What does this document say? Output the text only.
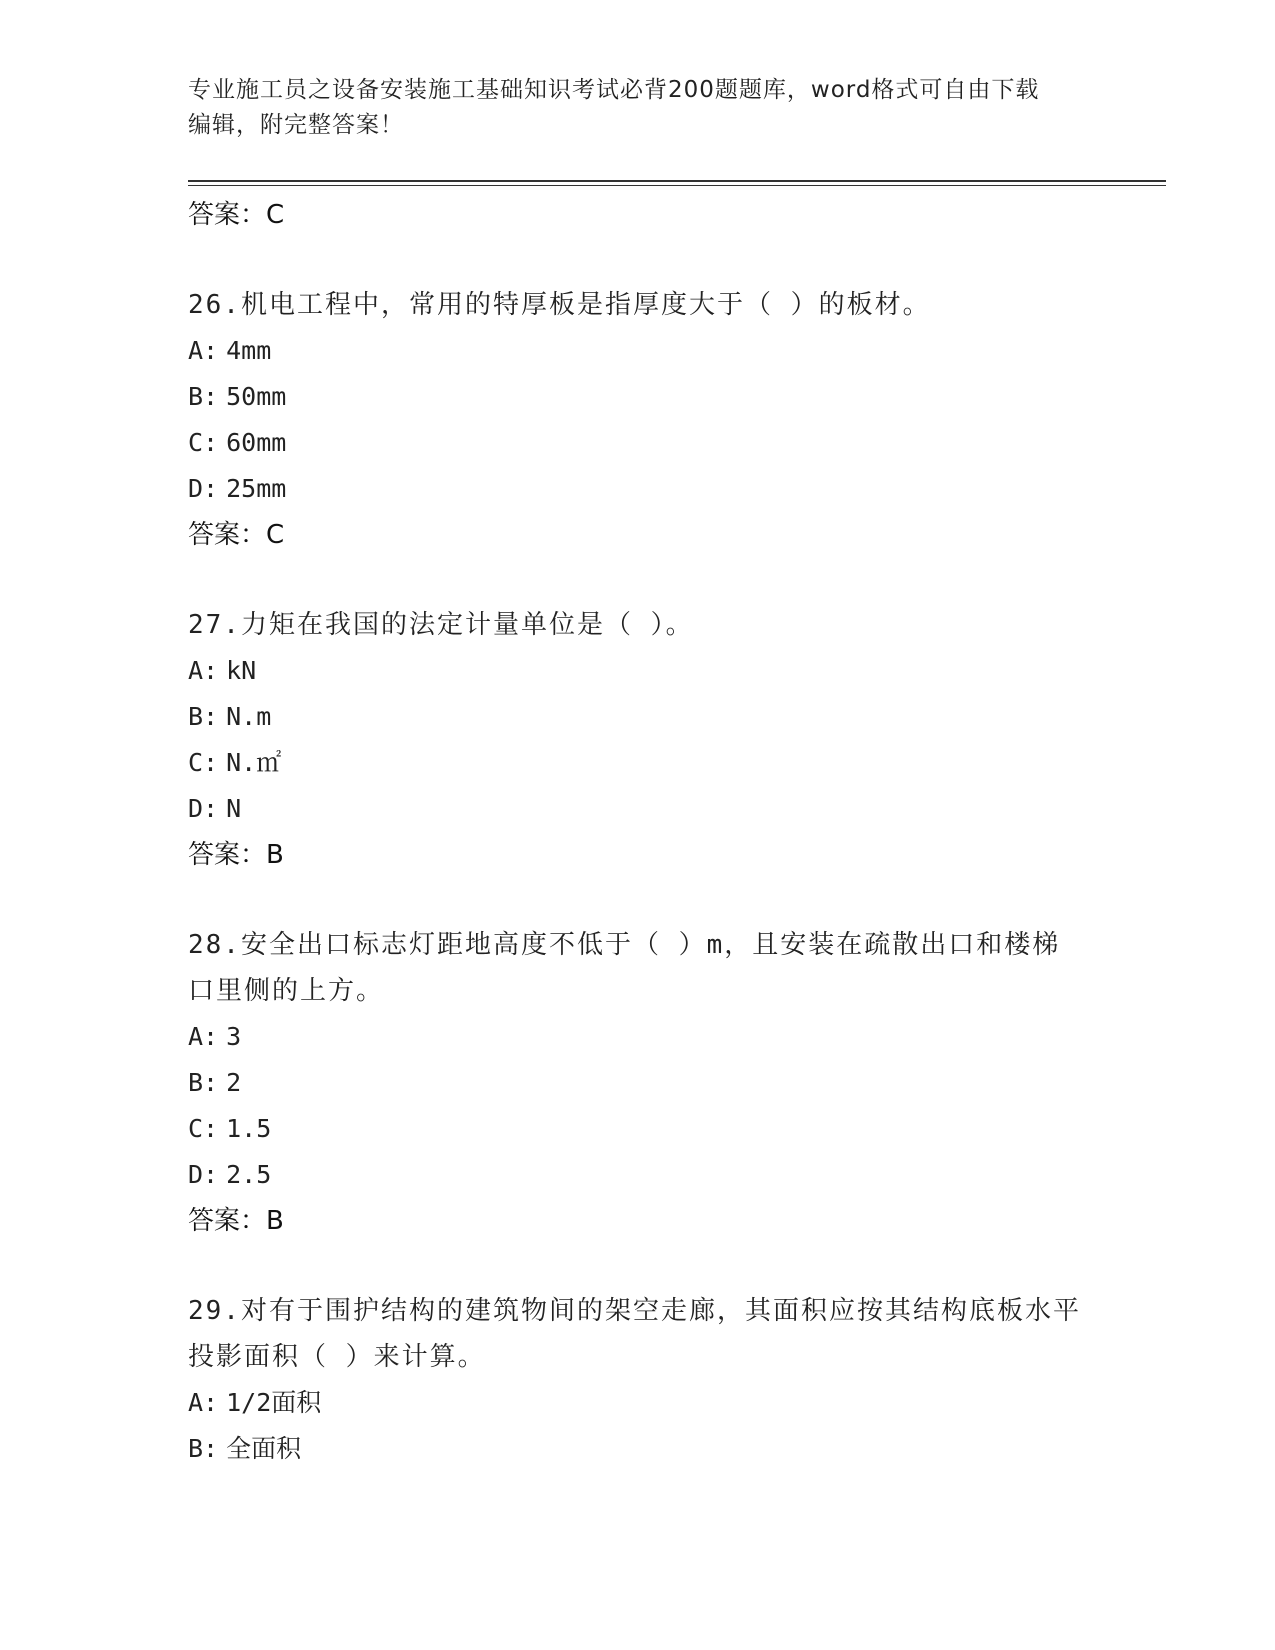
专业施工员之设备安装施工基础知识考试必背200题题库，word格式可自由下载
编辑，附完整答案！
答案：C
26.机电工程中，常用的特厚板是指厚度大于（ ）的板材。
A: 4mm
B: 50mm
C: 60mm
D: 25mm
答案：C
27.力矩在我国的法定计量单位是（ ）。
A: kN
B: N.m
C: N.㎡
D: N
答案：B
28.安全出口标志灯距地高度不低于（ ）m，且安装在疏散出口和楼梯口里侧的上方。
A: 3
B: 2
C: 1.5
D: 2.5
答案：B
29.对有于围护结构的建筑物间的架空走廊，其面积应按其结构底板水平投影面积（ ）来计算。
A: 1/2面积
B: 全面积
